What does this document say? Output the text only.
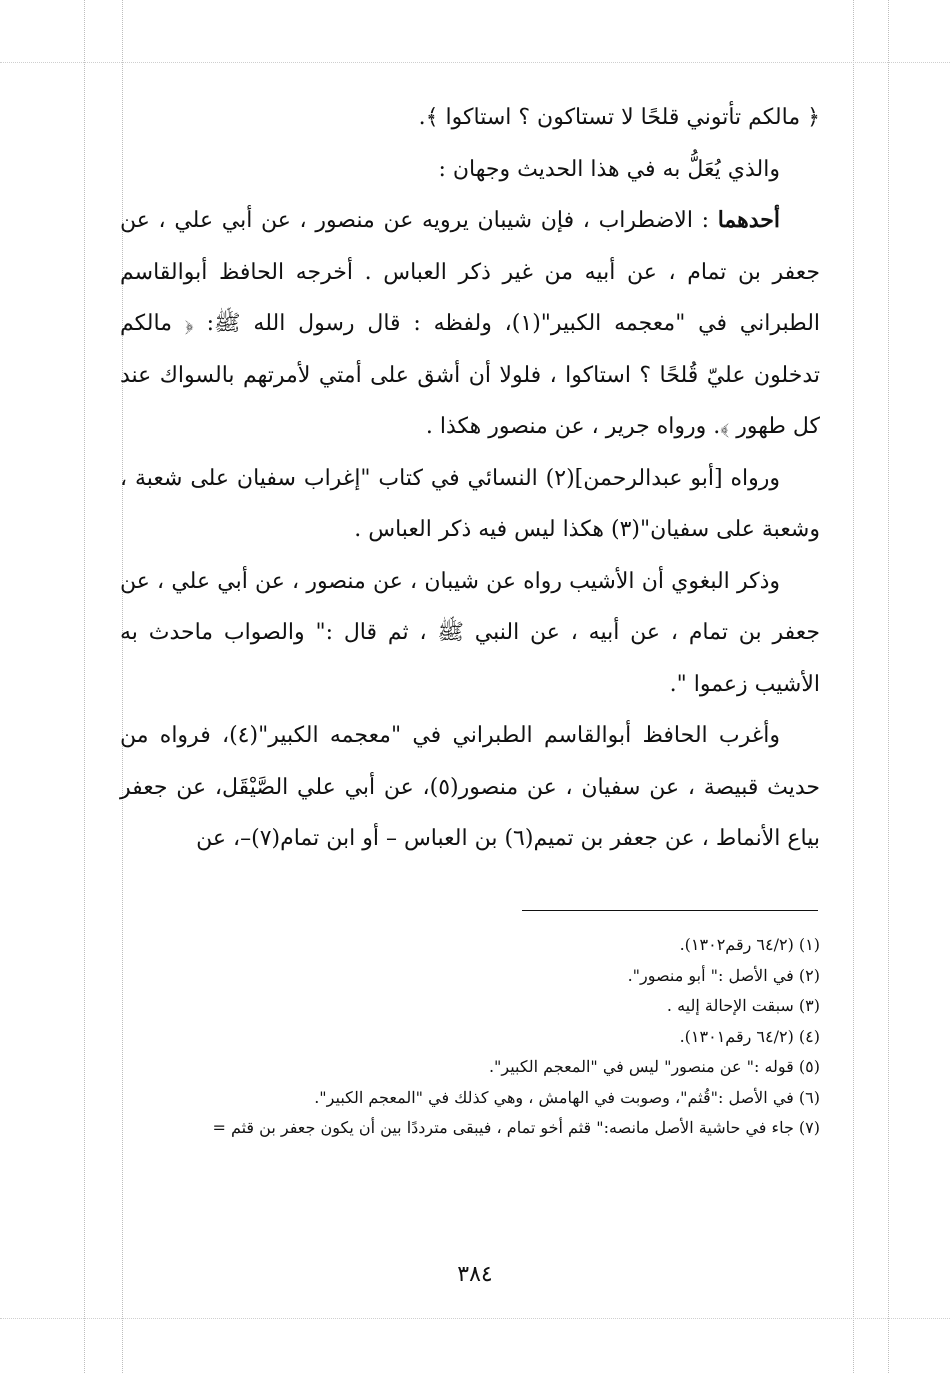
﴿ مالكم تأتوني قلحًا لا تستاكون ؟ استاكوا ﴾.

والذي يُعَلُّ به في هذا الحديث وجهان :

أحدهما : الاضطراب ، فإن شيبان يرويه عن منصور ، عن أبي علي ، عن جعفر بن تمام ، عن أبيه من غير ذكر العباس . أخرجه الحافظ أبوالقاسم الطبراني في "معجمه الكبير"(١)، ولفظه : قال رسول الله ﷺ: ﴿ مالكم تدخلون عليّ قُلحًا ؟ استاكوا ، فلولا أن أشق على أمتي لأمرتهم بالسواك عند كل طهور ﴾. ورواه جرير ، عن منصور هكذا .

ورواه [أبو عبدالرحمن](٢) النسائي في كتاب "إغراب سفيان على شعبة ، وشعبة على سفيان"(٣) هكذا ليس فيه ذكر العباس .

وذكر البغوي أن الأشيب رواه عن شيبان ، عن منصور ، عن أبي علي ، عن جعفر بن تمام ، عن أبيه ، عن النبي ﷺ ، ثم قال :" والصواب ماحدث به الأشيب زعموا ".

وأغرب الحافظ أبوالقاسم الطبراني في "معجمه الكبير"(٤)، فرواه من حديث قبيصة ، عن سفيان ، عن منصور(٥)، عن أبي علي الصَّيْقَل، عن جعفر بياع الأنماط ، عن جعفر بن تميم(٦) بن العباس – أو ابن تمام(٧)–، عن

(١) (٦٤/٢ رقم١٣٠٢).
(٢) في الأصل :" أبو منصور".
(٣) سبقت الإحالة إليه .
(٤) (٦٤/٢ رقم١٣٠١).
(٥) قوله :" عن منصور" ليس في "المعجم الكبير".
(٦) في الأصل :"قُثم"، وصوبت في الهامش ، وهي كذلك في "المعجم الكبير".
(٧) جاء في حاشية الأصل مانصه:" قثم أخو تمام ، فيبقى مترددًا بين أن يكون جعفر بن قثم =
٣٨٤
